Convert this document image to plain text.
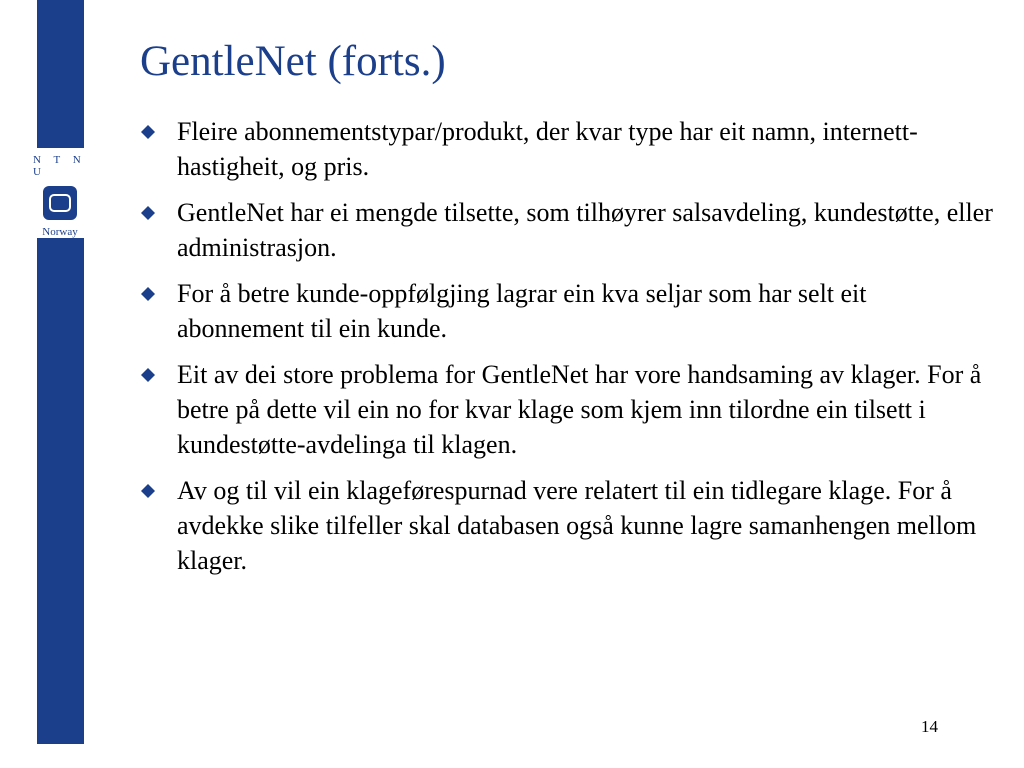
N T N U
Norway
GentleNet (forts.)
Fleire abonnementstypar/produkt, der kvar type har eit namn, internett-hastigheit, og pris.
GentleNet har ei mengde tilsette, som tilhøyrer salsavdeling, kundestøtte, eller administrasjon.
For å betre kunde-oppfølgjing lagrar ein kva seljar som har selt eit abonnement til ein kunde.
Eit av dei store problema for GentleNet har vore handsaming av klager. For å betre på dette vil ein no for kvar klage som kjem inn tilordne ein tilsett i kundestøtte-avdelinga til klagen.
Av og til vil ein klageførespurnad vere relatert til ein tidlegare klage. For å avdekke slike tilfeller skal databasen også kunne lagre samanhengen mellom klager.
14
